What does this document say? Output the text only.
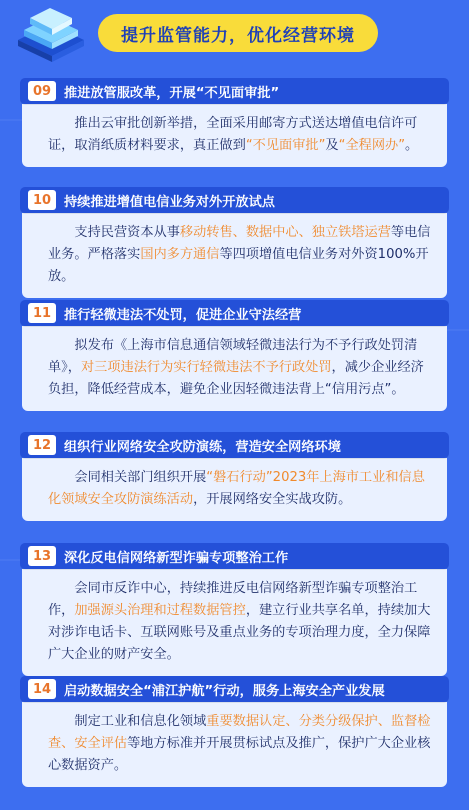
提升监管能力，优化经营环境
09 推进放管服改革，开展“不见面审批”
推出云审批创新举措，全面采用邮寄方式送达增值电信许可证，取消纸质材料要求，真正做到“不见面审批”及“全程网办”。
10 持续推进增值电信业务对外开放试点
支持民营资本从事移动转售、数据中心、独立铁塔运营等电信业务。严格落实国内多方通信等四项增值电信业务对外资100%开放。
11 推行轻微违法不处罚，促进企业守法经营
拟发布《上海市信息通信领域轻微违法行为不予行政处罚清单》，对三项违法行为实行轻微违法不予行政处罚，减少企业经济负担，降低经营成本，避免企业因轻微违法背上“信用污点”。
12 组织行业网络安全攻防演练，营造安全网络环境
会同相关部门组织开展“磐石行动”2023年上海市工业和信息化领域安全攻防演练活动，开展网络安全实战攻防。
13 深化反电信网络新型诈骗专项整治工作
会同市反诈中心，持续推进反电信网络新型诈骗专项整治工作，加强源头治理和过程数据管控，建立行业共享名单，持续加大对涉诈电话卡、互联网账号及重点业务的专项治理力度，全力保障广大企业的财产安全。
14 启动数据安全“浦江护航”行动，服务上海安全产业发展
制定工业和信息化领域重要数据认定、分类分级保护、监督检查、安全评估等地方标准并开展贯标试点及推广，保护广大企业核心数据资产。
